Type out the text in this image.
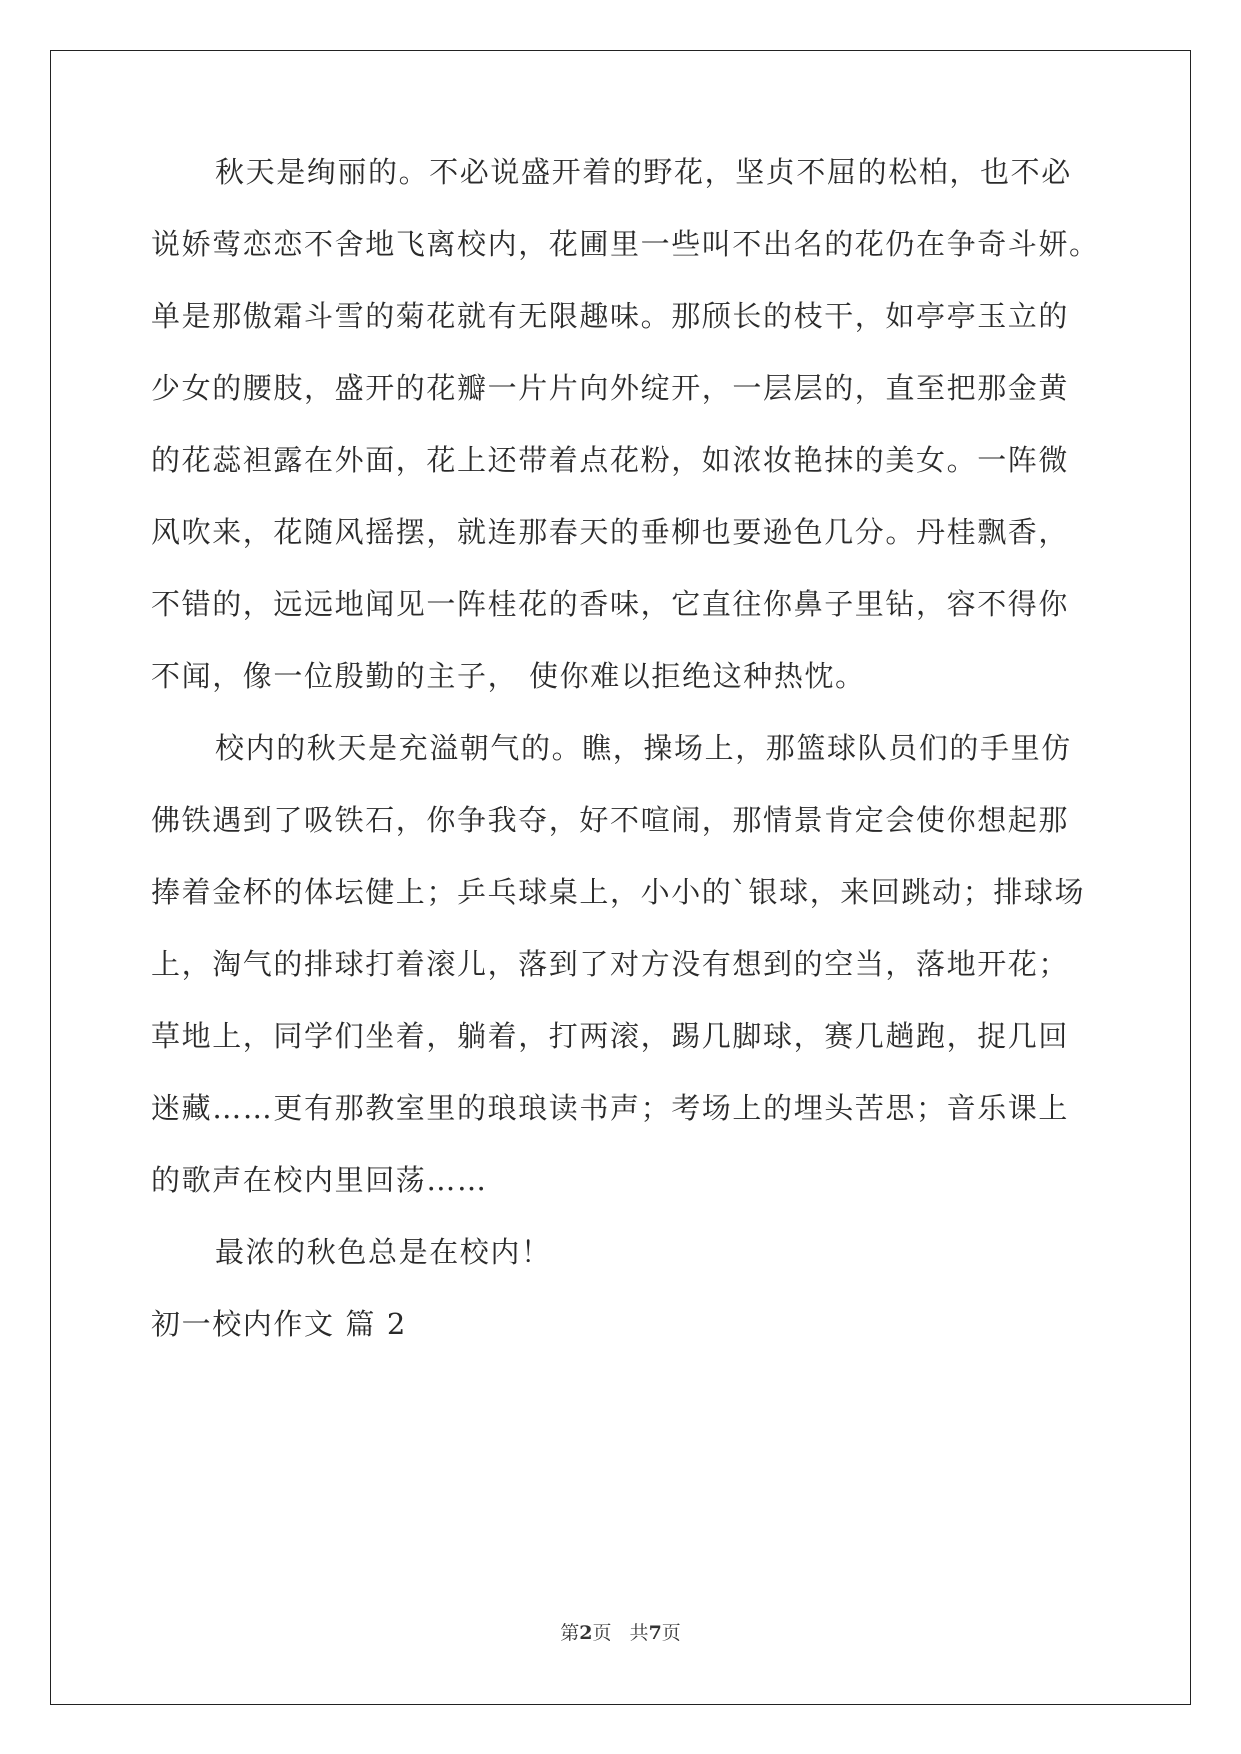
秋天是绚丽的。不必说盛开着的野花，坚贞不屈的松柏，也不必
说娇莺恋恋不舍地飞离校内，花圃里一些叫不出名的花仍在争奇斗妍。
单是那傲霜斗雪的菊花就有无限趣味。那颀长的枝干，如亭亭玉立的
少女的腰肢，盛开的花瓣一片片向外绽开，一层层的，直至把那金黄
的花蕊袒露在外面，花上还带着点花粉，如浓妆艳抹的美女。一阵微
风吹来，花随风摇摆，就连那春天的垂柳也要逊色几分。丹桂飘香，
不错的，远远地闻见一阵桂花的香味，它直往你鼻子里钻，容不得你
不闻，像一位殷勤的主子， 使你难以拒绝这种热忱。
校内的秋天是充溢朝气的。瞧，操场上，那篮球队员们的手里仿
佛铁遇到了吸铁石，你争我夺，好不喧闹，那情景肯定会使你想起那
捧着金杯的体坛健上；乒乓球桌上，小小的`银球，来回跳动；排球场
上，淘气的排球打着滚儿，落到了对方没有想到的空当，落地开花；
草地上，同学们坐着，躺着，打两滚，踢几脚球，赛几趟跑，捉几回
迷藏……更有那教室里的琅琅读书声；考场上的埋头苦思；音乐课上
的歌声在校内里回荡……
最浓的秋色总是在校内！
初一校内作文 篇 2
第2页   共7页
